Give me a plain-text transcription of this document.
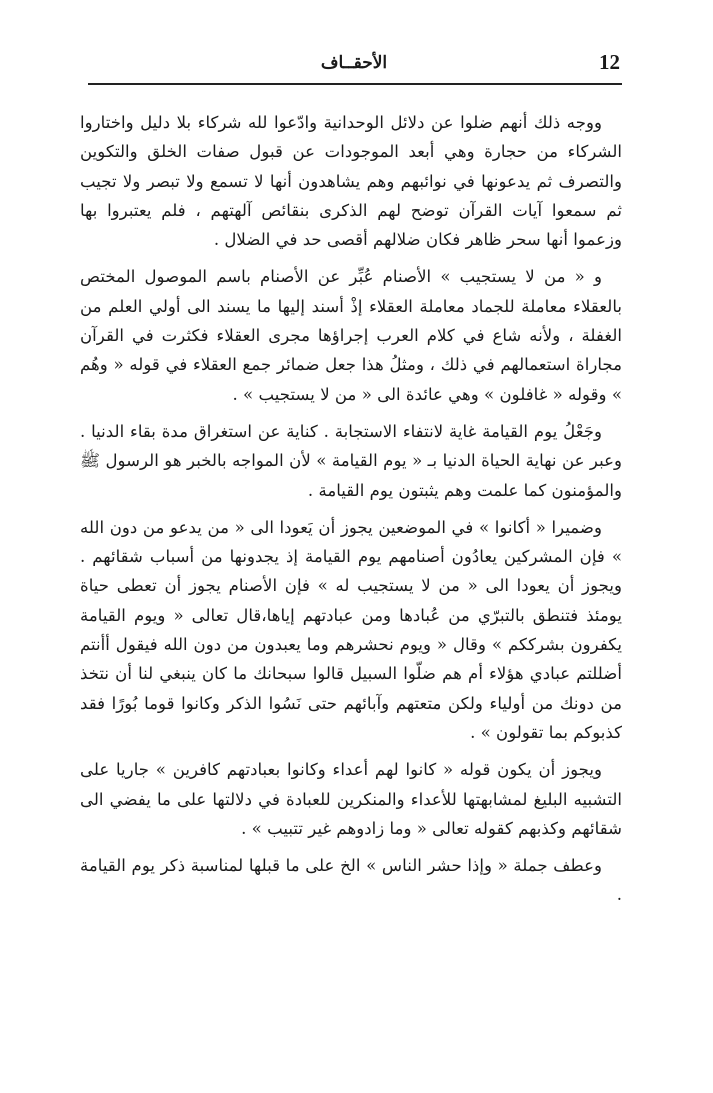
12
الأحقــاف

ووجه ذلك أنهم ضلوا عن دلائل الوحدانية وادّعوا لله شركاء بلا دليل واختاروا الشركاء من حجارة وهي أبعد الموجودات عن قبول صفات الخلق والتكوين والتصرف ثم يدعونها في نوائبهم وهم يشاهدون أنها لا تسمع ولا تبصر ولا تجيب ثم سمعوا آيات القرآن توضح لهم الذكرى بنقائص آلهتهم ، فلم يعتبروا بها وزعموا أنها سحر ظاهر فكان ضلالهم أقصى حد في الضلال .

و « من لا يستجيب » الأصنام عُبِّر عن الأصنام باسم الموصول المختص بالعقلاء معاملة للجماد معاملة العقلاء إذْ أسند إليها ما يسند الى أولي العلم من الغفلة ، ولأنه شاع في كلام العرب إجراؤها مجرى العقلاء فكثرت في القرآن مجاراة استعمالهم في ذلك ، ومثلُ هذا جعل ضمائر جمع العقلاء في قوله « وهُم » وقوله « غافلون » وهي عائدة الى « من لا يستجيب » .

وجَعْلُ يوم القيامة غاية لانتفاء الاستجابة . كناية عن استغراق مدة بقاء الدنيا . وعبر عن نهاية الحياة الدنيا بـ « يوم القيامة » لأن المواجه بالخبر هو الرسول ﷺ والمؤمنون كما علمت وهم يثبتون يوم القيامة .

وضميرا « أكانوا » في الموضعين يجوز أن يَعودا الى « من يدعو من دون الله » فإن المشركين يعادُون أصنامهم يوم القيامة إذ يجدونها من أسباب شقائهم . ويجوز أن يعودا الى « من لا يستجيب له » فإن الأصنام يجوز أن تعطى حياة يومئذ فتنطق بالتبرّي من عُبادها ومن عبادتهم إياها،قال تعالى « ويوم القيامة يكفرون بشرككم » وقال « ويوم نحشرهم وما يعبدون من دون الله فيقول أأنتم أضللتم عبادي هؤلاء أم هم ضلّوا السبيل قالوا سبحانك ما كان ينبغي لنا أن نتخذ من دونك من أولياء ولكن متعتهم وآبائهم حتى نَسُوا الذكر وكانوا قوما بُورًا فقد كذبوكم بما تقولون » .

ويجوز أن يكون قوله « كانوا لهم أعداء وكانوا بعبادتهم كافرين » جاريا على التشبيه البليغ لمشابهتها للأعداء والمنكرين للعبادة في دلالتها على ما يفضي الى شقائهم وكذبهم كقوله تعالى « وما زادوهم غير تتبيب » .

وعطف جملة « وإذا حشر الناس » الخ على ما قبلها لمناسبة ذكر يوم القيامة .
